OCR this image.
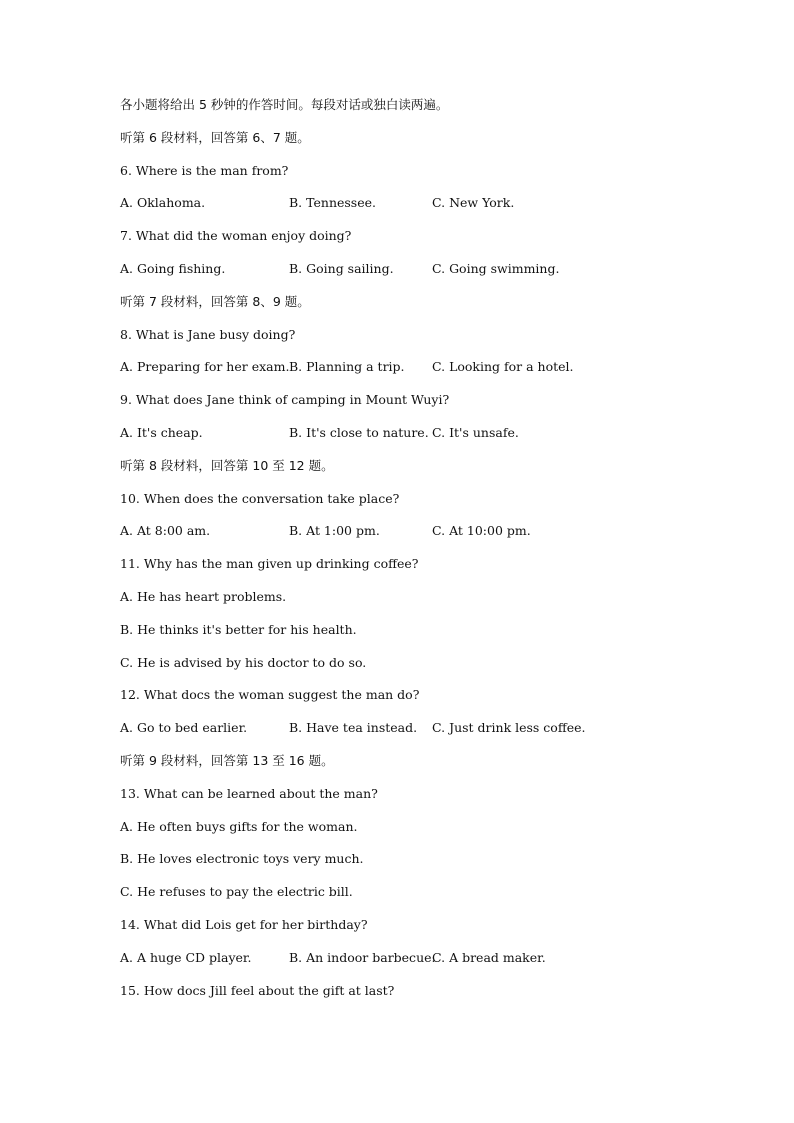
各小题将给出 5 秒钟的作答时间。每段对话或独白读两遍。
听第 6 段材料，回答第 6、7 题。
6. Where is the man from?
A. Oklahoma.	B. Tennessee.	C. New York.
7. What did the woman enjoy doing?
A. Going fishing.	B. Going sailing.	C. Going swimming.
听第 7 段材料，回答第 8、9 题。
8. What is Jane busy doing?
A. Preparing for her exam. B. Planning a trip. C. Looking for a hotel.
9. What does Jane think of camping in Mount Wuyi?
A. It's cheap.	B. It's close to nature. C. It's unsafe.
听第 8 段材料，回答第 10 至 12 题。
10. When does the conversation take place?
A. At 8:00 am.	B. At 1:00 pm.	C. At 10:00 pm.
11. Why has the man given up drinking coffee?
A. He has heart problems.
B. He thinks it's better for his health.
C. He is advised by his doctor to do so.
12. What docs the woman suggest the man do?
A. Go to bed earlier.	B. Have tea instead. C. Just drink less coffee.
听第 9 段材料，回答第 13 至 16 题。
13. What can be learned about the man?
A. He often buys gifts for the woman.
B. He loves electronic toys very much.
C. He refuses to pay the electric bill.
14. What did Lois get for her birthday?
A. A huge CD player.	B. An indoor barbecue.
C. A bread maker.
15. How docs Jill feel about the gift at last?
